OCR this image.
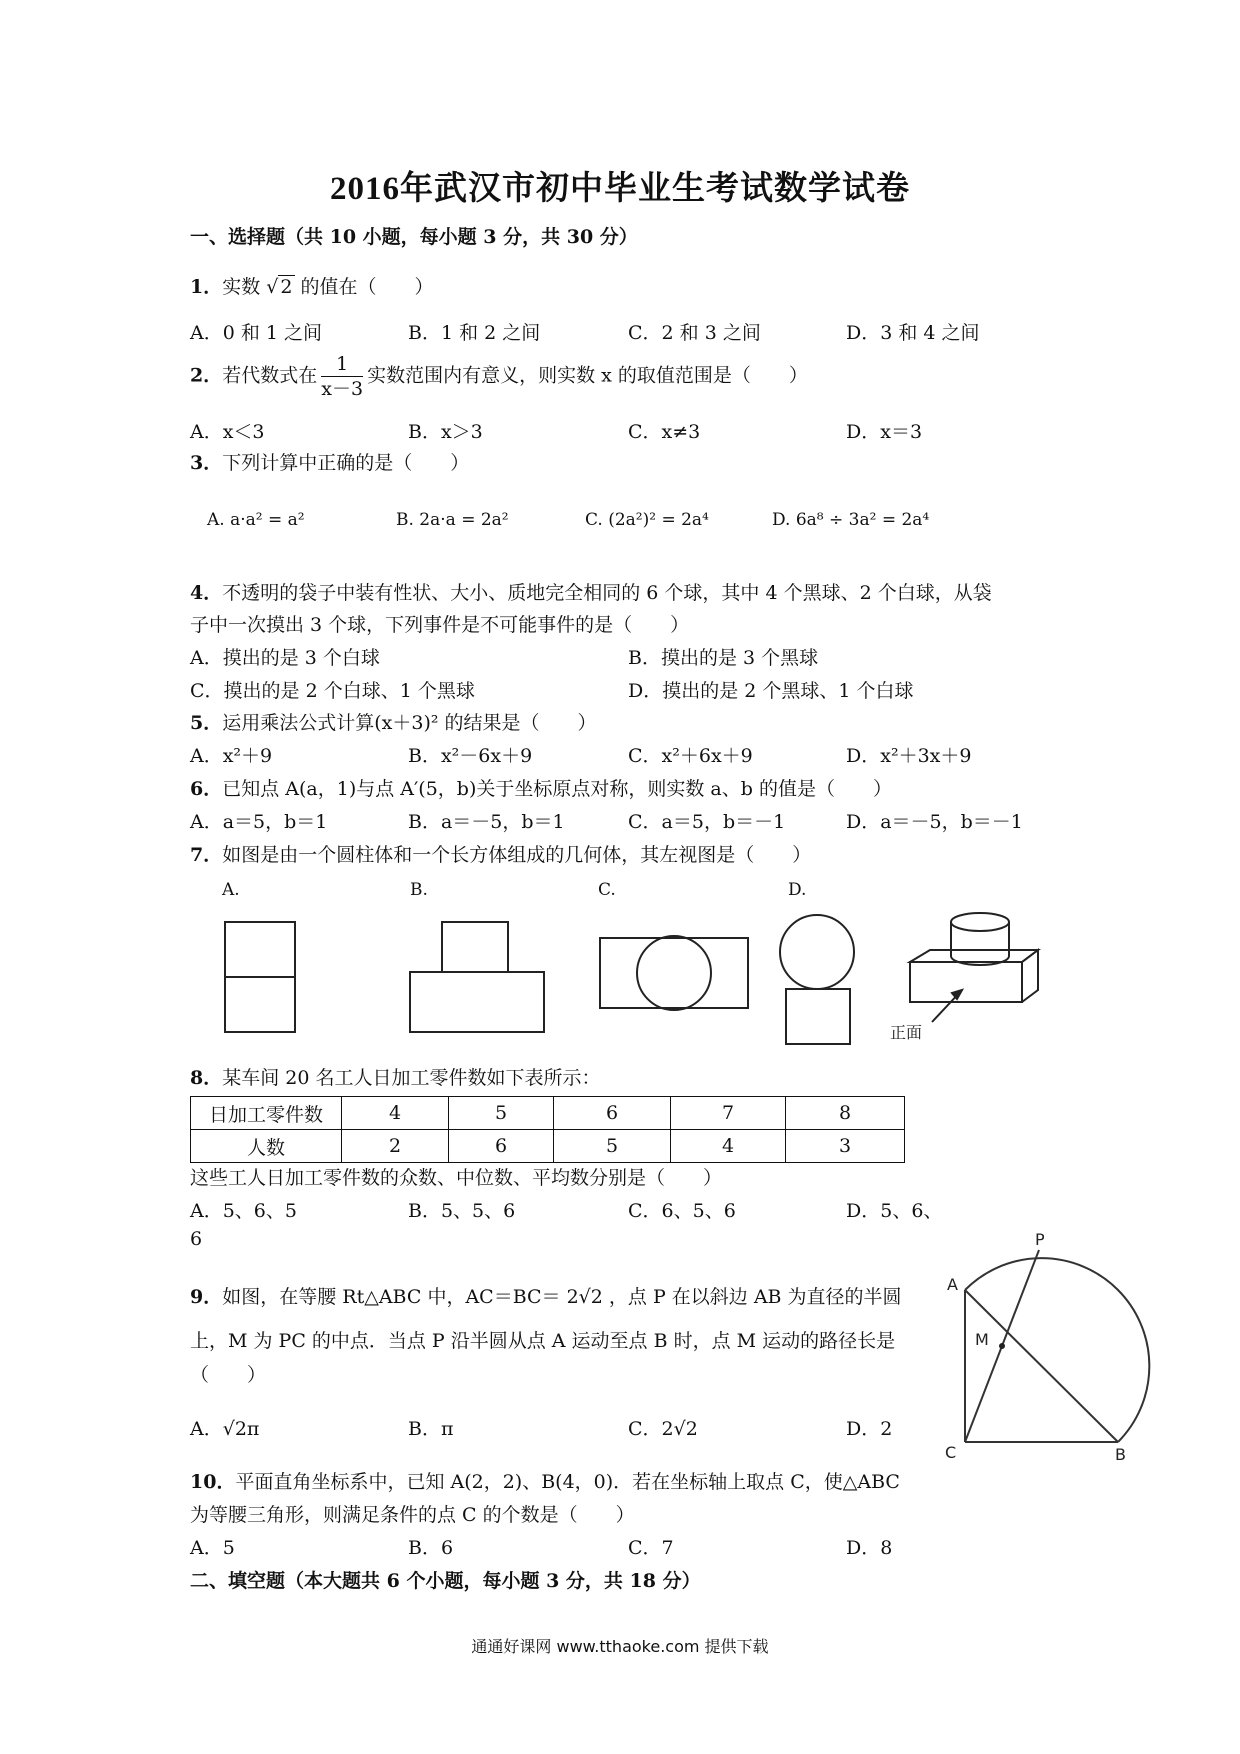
2016年武汉市初中毕业生考试数学试卷
一、选择题（共 10 小题，每小题 3 分，共 30 分）
1．实数 √ 2 的值在（　　）
A．0 和 1 之间	B．1 和 2 之间	C．2 和 3 之间	D．3 和 4 之间
2．若代数式在 $\frac{1}{x-3}$ 实数范围内有意义，则实数 x 的取值范围是（　　）
A．x＜3	B．x＞3	C．x≠3	D．x＝3
3．下列计算中正确的是（　　）
A. a·a² = a²	B. 2a·a = 2a²	C. (2a²)² = 2a⁴	D. 6a⁸ ÷ 3a² = 2a⁴
4．不透明的袋子中装有性状、大小、质地完全相同的 6 个球，其中 4 个黑球、2 个白球，从袋
子中一次摸出 3 个球，下列事件是不可能事件的是（　　）
A．摸出的是 3 个白球	B．摸出的是 3 个黑球
C．摸出的是 2 个白球、1 个黑球	D．摸出的是 2 个黑球、1 个白球
5．运用乘法公式计算(x＋3)² 的结果是（　　）
A．x²＋9	B．x²－6x＋9	C．x²＋6x＋9	D．x²＋3x＋9
6．已知点 A(a，1)与点 A′(5，b)关于坐标原点对称，则实数 a、b 的值是（　　）
A．a＝5，b＝1	B．a＝－5，b＝1	C．a＝5，b＝－1	D．a＝－5，b＝－1
7．如图是由一个圆柱体和一个长方体组成的几何体，其左视图是（　　）
A.	B.	C.	D.
正面
8．某车间 20 名工人日加工零件数如下表所示：
日加工零件数	4	5	6	7	8
人数	2	6	5	4	3
这些工人日加工零件数的众数、中位数、平均数分别是（　　）
A．5、6、5	B．5、5、6	C．6、5、6	D．5、6、
6
9．如图，在等腰 Rt△ABC 中，AC＝BC＝ 2√2 ，点 P 在以斜边 AB 为直径的半圆
上，M 为 PC 的中点．当点 P 沿半圆从点 A 运动至点 B 时，点 M 运动的路径长是
（　　）
A．√2π	B．π	C．2√2	D．2
A
P
M
C	B
10．平面直角坐标系中，已知 A(2，2)、B(4，0)．若在坐标轴上取点 C，使△ABC
为等腰三角形，则满足条件的点 C 的个数是（　　）
A．5	B．6	C．7	D．8
二、填空题（本大题共 6 个小题，每小题 3 分，共 18 分）
通通好课网 www.tthaoke.com 提供下载
